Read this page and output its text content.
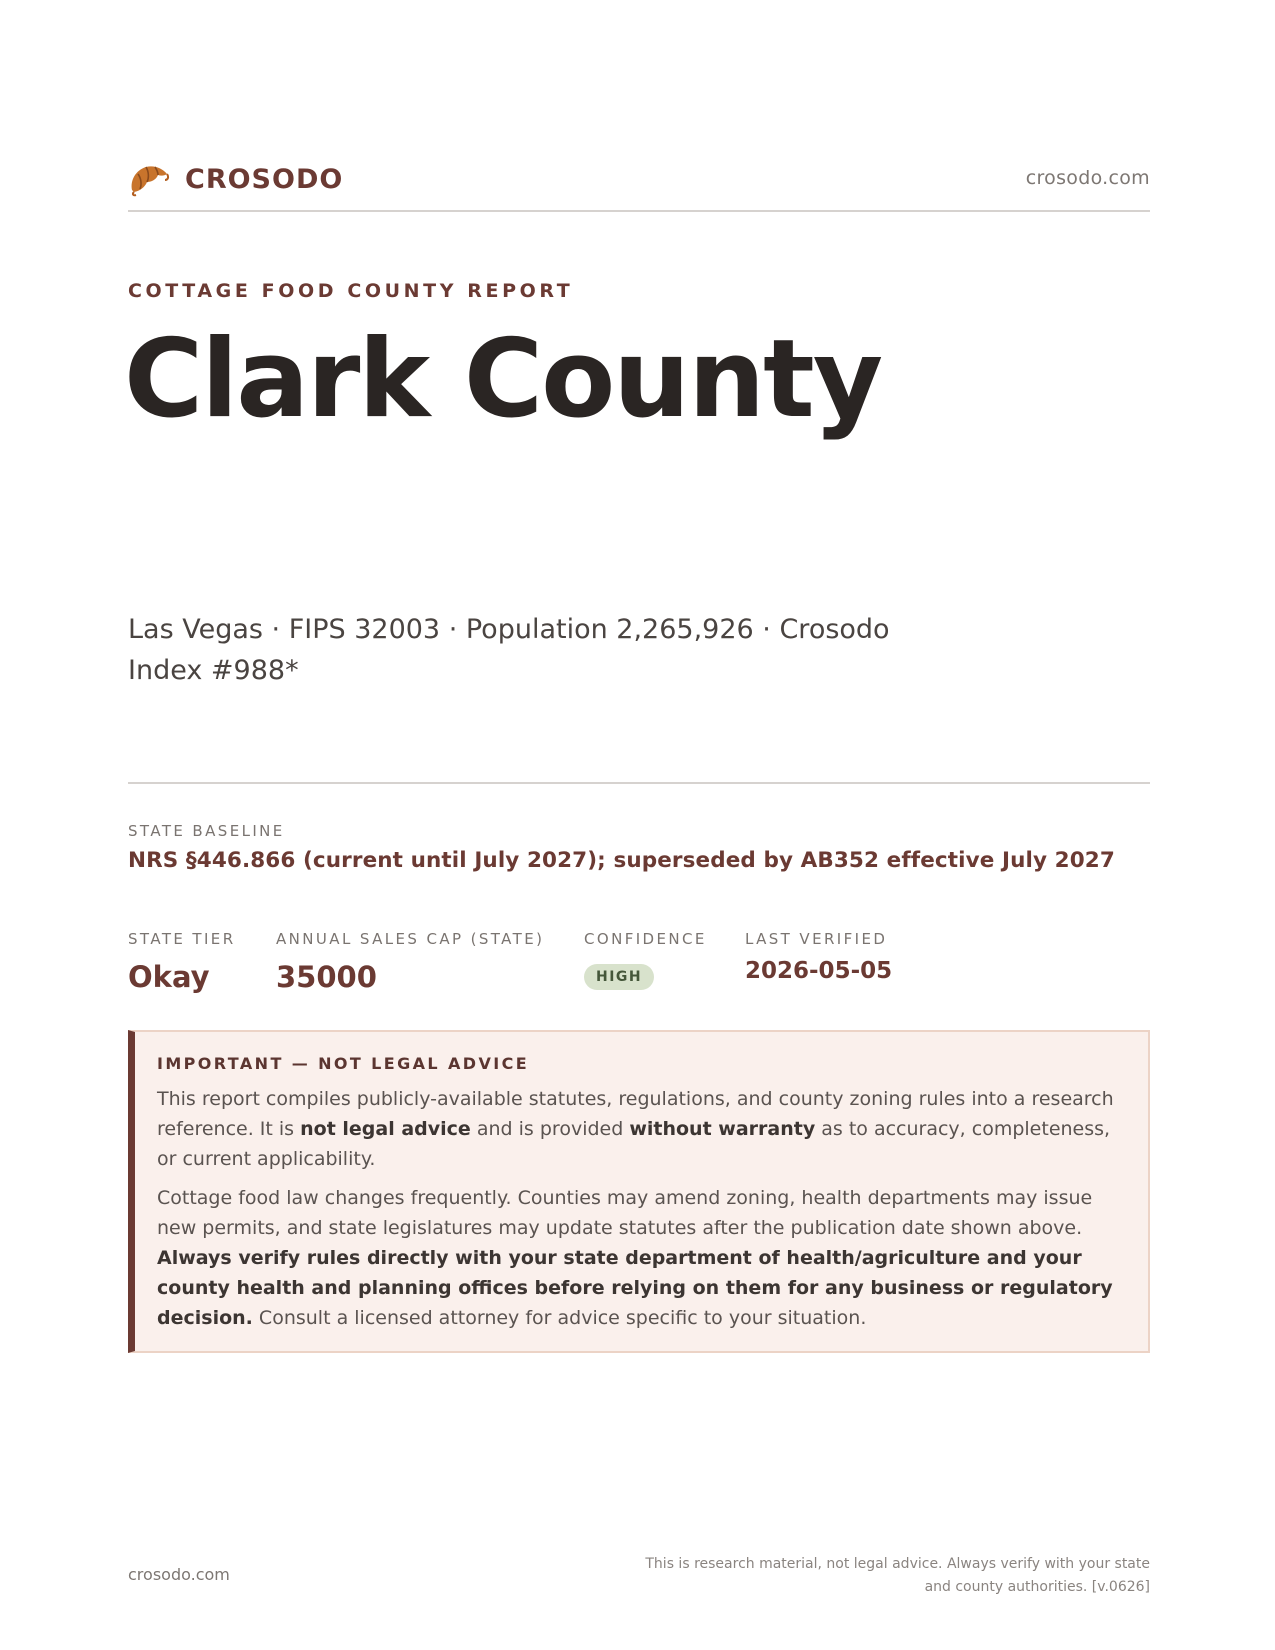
CROSODO	crosodo.com
COTTAGE FOOD COUNTY REPORT
Clark County
Las Vegas · FIPS 32003 · Population 2,265,926 · Crosodo Index #988*
STATE BASELINE
NRS §446.866 (current until July 2027); superseded by AB352 effective July 2027
STATE TIER
Okay
ANNUAL SALES CAP (STATE)
35000
CONFIDENCE
HIGH
LAST VERIFIED
2026-05-05
IMPORTANT — NOT LEGAL ADVICE

This report compiles publicly-available statutes, regulations, and county zoning rules into a research reference. It is not legal advice and is provided without warranty as to accuracy, completeness, or current applicability.

Cottage food law changes frequently. Counties may amend zoning, health departments may issue new permits, and state legislatures may update statutes after the publication date shown above. Always verify rules directly with your state department of health/agriculture and your county health and planning offices before relying on them for any business or regulatory decision. Consult a licensed attorney for advice specific to your situation.

crosodo.com
This is research material, not legal advice. Always verify with your state
and county authorities. [v.0626]
